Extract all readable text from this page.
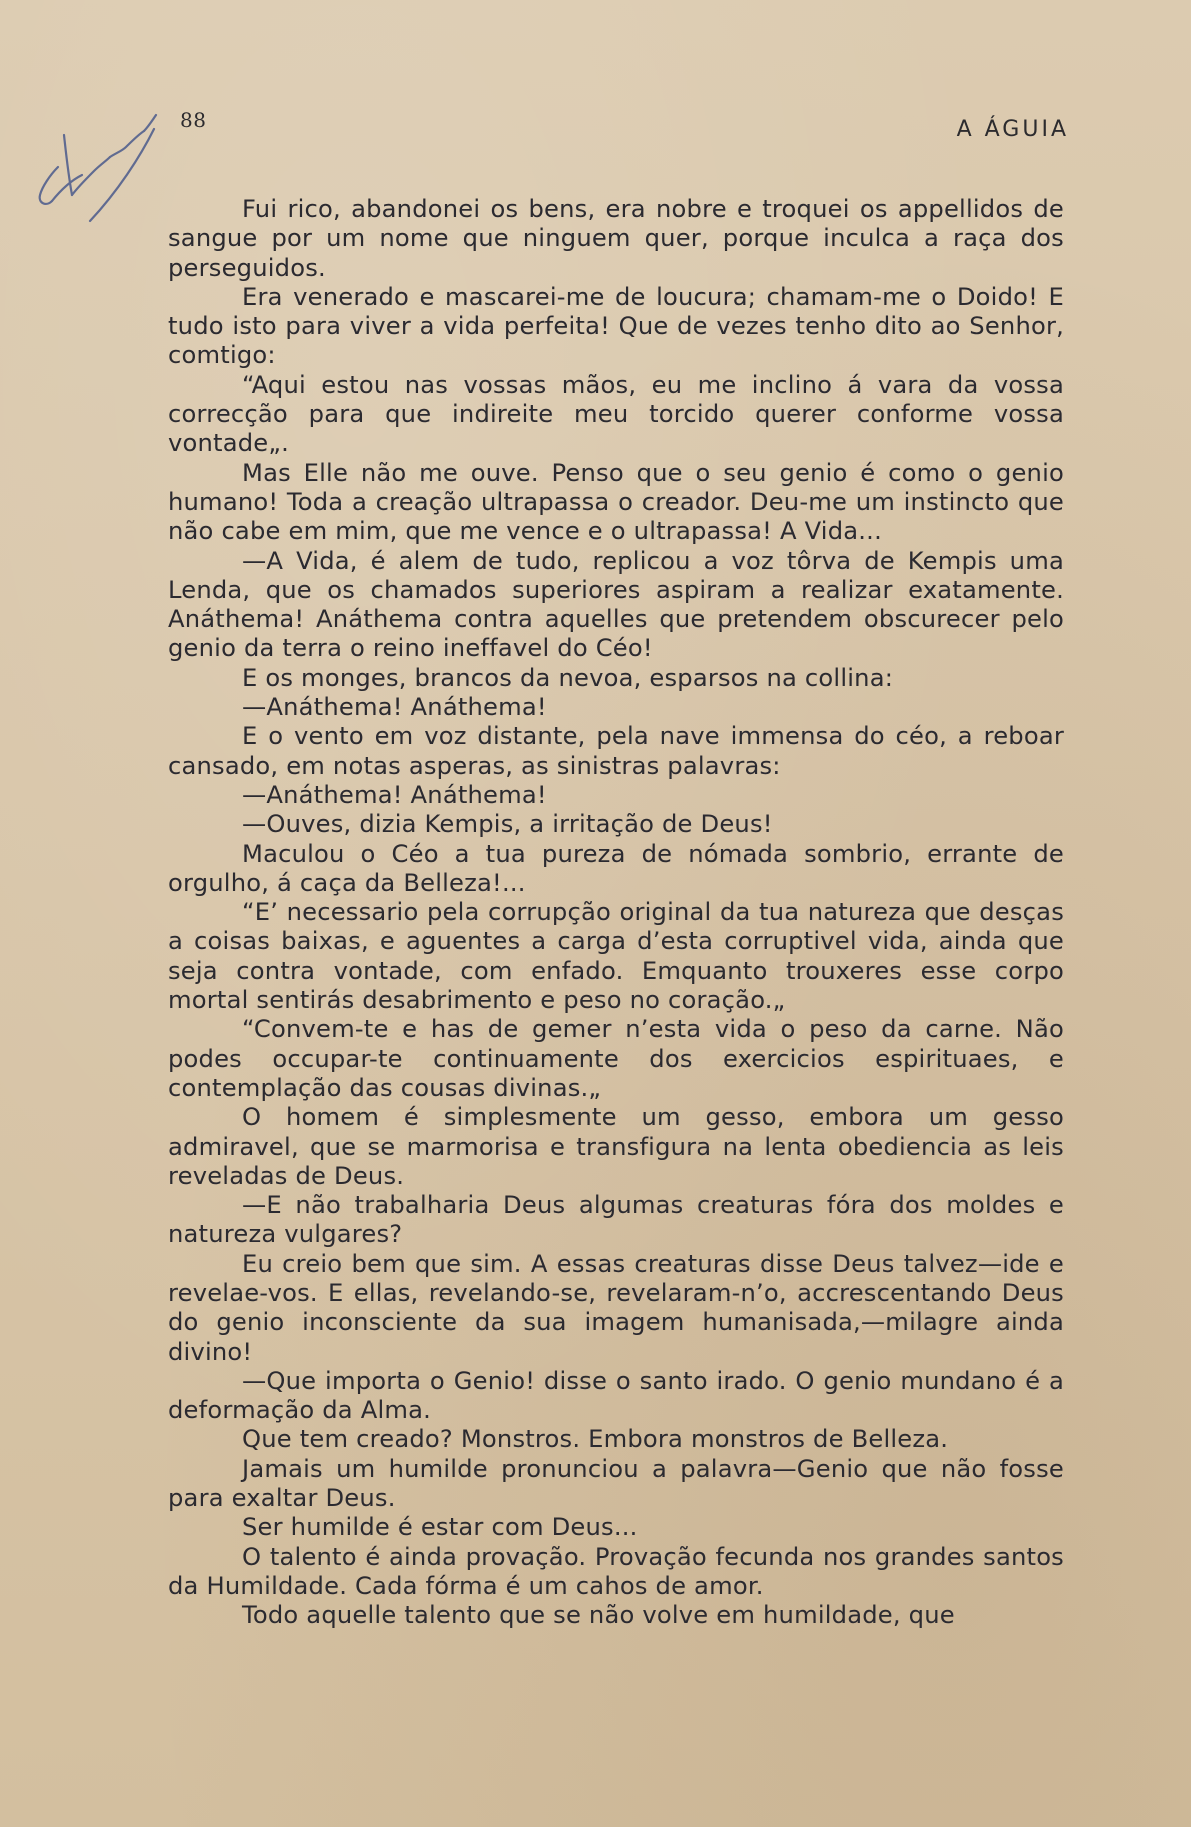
88	A ÁGUIA

Fui rico, abandonei os bens, era nobre e troquei os appellidos de sangue por um nome que ninguem quer, porque inculca a raça dos perseguidos.

Era venerado e mascarei-me de loucura; chamam-me o Doido! E tudo isto para viver a vida perfeita! Que de vezes tenho dito ao Senhor, comtigo:

“Aqui estou nas vossas mãos, eu me inclino á vara da vossa correcção para que indireite meu torcido querer conforme vossa vontade„.

Mas Elle não me ouve. Penso que o seu genio é como o genio humano! Toda a creação ultrapassa o creador. Deu-me um instincto que não cabe em mim, que me vence e o ultrapassa! A Vida...

—A Vida, é alem de tudo, replicou a voz tôrva de Kempis uma Lenda, que os chamados superiores aspiram a realizar exatamente. Anáthema! Anáthema contra aquelles que pretendem obscurecer pelo genio da terra o reino ineffavel do Céo!

E os monges, brancos da nevoa, esparsos na collina:

—Anáthema! Anáthema!

E o vento em voz distante, pela nave immensa do céo, a reboar cansado, em notas asperas, as sinistras palavras:

—Anáthema! Anáthema!

—Ouves, dizia Kempis, a irritação de Deus!

Maculou o Céo a tua pureza de nómada sombrio, errante de orgulho, á caça da Belleza!...

“E’ necessario pela corrupção original da tua natureza que desças a coisas baixas, e aguentes a carga d’esta corruptivel vida, ainda que seja contra vontade, com enfado. Emquanto trouxeres esse corpo mortal sentirás desabrimento e peso no coração.„

“Convem-te e has de gemer n’esta vida o peso da carne. Não podes occupar-te continuamente dos exercicios espirituaes, e contemplação das cousas divinas.„

O homem é simplesmente um gesso, embora um gesso admiravel, que se marmorisa e transfigura na lenta obediencia as leis reveladas de Deus.

—E não trabalharia Deus algumas creaturas fóra dos moldes e natureza vulgares?

Eu creio bem que sim. A essas creaturas disse Deus talvez—ide e revelae-vos. E ellas, revelando-se, revelaram-n’o, accrescentando Deus do genio inconsciente da sua imagem humanisada,—milagre ainda divino!

—Que importa o Genio! disse o santo irado. O genio mundano é a deformação da Alma.

Que tem creado? Monstros. Embora monstros de Belleza.

Jamais um humilde pronunciou a palavra—Genio que não fosse para exaltar Deus.

Ser humilde é estar com Deus...

O talento é ainda provação. Provação fecunda nos grandes santos da Humildade. Cada fórma é um cahos de amor.

Todo aquelle talento que se não volve em humildade, que
